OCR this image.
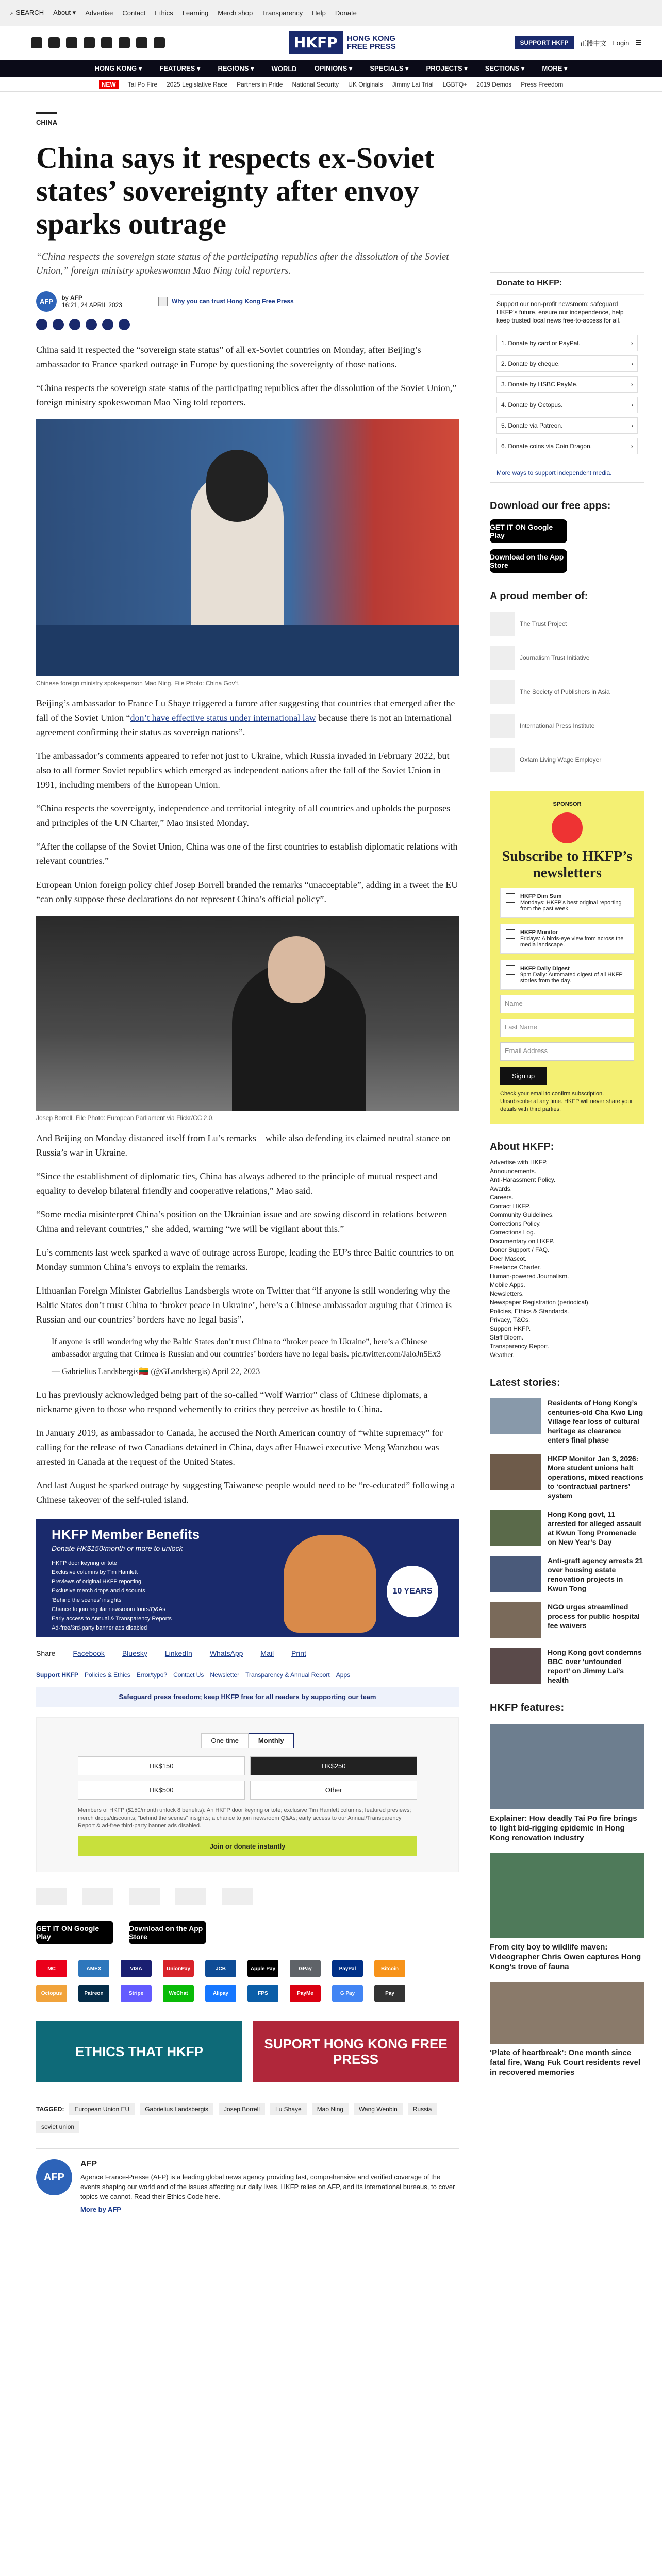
⌕ SEARCH About ▾ Advertise Contact Ethics Learning Merch shop Transparency Help Donate
HKFP	HONG KONG
FREE PRESS	SUPPORT HKFP	正體中文 Login ☰
HONG KONG ▾	FEATURES ▾	REGIONS ▾	WORLD	OPINIONS ▾	SPECIALS ▾	PROJECTS ▾	SECTIONS ▾	MORE ▾
NEW	Tai Po Fire 2025 Legislative Race Partners in Pride National Security UK Originals Jimmy Lai Trial LGBTQ+ 2019 Demos Press Freedom
CHINA
China says it respects ex-Soviet states’ sovereignty after envoy sparks outrage
“China respects the sovereign state status of the participating republics after the dissolution of the Soviet Union,” foreign ministry spokeswoman Mao Ning told reporters.
AFP	by AFP
16:21, 24 APRIL 2023	Why you can trust Hong Kong Free Press

China said it respected the “sovereign state status” of all ex-Soviet countries on Monday, after Beijing’s ambassador to France sparked outrage in Europe by questioning the sovereignty of those nations.

“China respects the sovereign state status of the participating republics after the dissolution of the Soviet Union,” foreign ministry spokeswoman Mao Ning told reporters.

Chinese foreign ministry spokesperson Mao Ning. File Photo: China Gov’t.

Beijing’s ambassador to France Lu Shaye triggered a furore after suggesting that countries that emerged after the fall of the Soviet Union “don’t have effective status under international law because there is not an international agreement confirming their status as sovereign nations”.

The ambassador’s comments appeared to refer not just to Ukraine, which Russia invaded in February 2022, but also to all former Soviet republics which emerged as independent nations after the fall of the Soviet Union in 1991, including members of the European Union.

“China respects the sovereignty, independence and territorial integrity of all countries and upholds the purposes and principles of the UN Charter,” Mao insisted Monday.

“After the collapse of the Soviet Union, China was one of the first countries to establish diplomatic relations with relevant countries.”

European Union foreign policy chief Josep Borrell branded the remarks “unacceptable”, adding in a tweet the EU “can only suppose these declarations do not represent China’s official policy”.

Josep Borrell. File Photo: European Parliament via Flickr/CC 2.0.

And Beijing on Monday distanced itself from Lu’s remarks – while also defending its claimed neutral stance on Russia’s war in Ukraine.

“Since the establishment of diplomatic ties, China has always adhered to the principle of mutual respect and equality to develop bilateral friendly and cooperative relations,” Mao said.

“Some media misinterpret China’s position on the Ukrainian issue and are sowing discord in relations between China and relevant countries,” she added, warning “we will be vigilant about this.”

Lu’s comments last week sparked a wave of outrage across Europe, leading the EU’s three Baltic countries to on Monday summon China’s envoys to explain the remarks.

Lithuanian Foreign Minister Gabrielius Landsbergis wrote on Twitter that “if anyone is still wondering why the Baltic States don’t trust China to ‘broker peace in Ukraine’, here’s a Chinese ambassador arguing that Crimea is Russian and our countries’ borders have no legal basis”.

If anyone is still wondering why the Baltic States don’t trust China to “broker peace in Ukraine”, here’s a Chinese ambassador arguing that Crimea is Russian and our countries’ borders have no legal basis. pic.twitter.com/JaloJn5Ex3
— Gabrielius Landsbergis🇱🇹 (@GLandsbergis) April 22, 2023

Lu has previously acknowledged being part of the so-called “Wolf Warrior” class of Chinese diplomats, a nickname given to those who respond vehemently to critics they perceive as hostile to China.

In January 2019, as ambassador to Canada, he accused the North American country of “white supremacy” for calling for the release of two Canadians detained in China, days after Huawei executive Meng Wanzhou was arrested in Canada at the request of the United States.

And last August he sparked outrage by suggesting Taiwanese people would need to be “re-educated” following a Chinese takeover of the self-ruled island.

HKFP Member Benefits
Donate HK$150/month or more to unlock
HKFP door keyring or tote
Exclusive columns by Tim Hamlett
Previews of original HKFP reporting
Exclusive merch drops and discounts
‘Behind the scenes’ insights
Chance to join regular newsroom tours/Q&As
Early access to Annual & Transparency Reports
Ad-free/3rd-party banner ads disabled
10 YEARS
Share Facebook Bluesky LinkedIn WhatsApp Mail Print
Support HKFP Policies & Ethics Error/typo? Contact Us Newsletter Transparency & Annual Report Apps
Safeguard press freedom; keep HKFP free for all readers by supporting our team
One-time	Monthly
HK$150	HK$250
HK$500	Other
Members of HKFP ($150/month unlock 8 benefits): An HKFP door keyring or tote; exclusive Tim Hamlett columns; featured previews; merch drops/discounts; “behind the scenes” insights; a chance to join newsroom Q&As; early access to our Annual/Transparency Report & ad-free third-party banner ads disabled.
Join or donate instantly
GET IT ON Google Play
Download on the App Store
MC	AMEX	VISA	UnionPay	JCB	Apple Pay	GPay	PayPal	Bitcoin
Octopus	Patreon	Stripe	WeChat	Alipay	FPS	PayMe	G Pay	Pay
ETHICS THAT HKFP	SUPORT HONG KONG FREE PRESS
TAGGED:	European Union EU	Gabrielius Landsbergis	Josep Borrell	Lu Shaye	Mao Ning	Wang Wenbin	Russia
soviet union
AFP
AFP
Agence France-Presse (AFP) is a leading global news agency providing fast, comprehensive and verified coverage of the events shaping our world and of the issues affecting our daily lives. HKFP relies on AFP, and its international bureaus, to cover topics we cannot. Read their Ethics Code here.
More by AFP
Donate to HKFP:
Support our non-profit newsroom: safeguard HKFP’s future, ensure our independence, help keep trusted local news free-to-access for all.
1. Donate by card or PayPal.	›
2. Donate by cheque.	›
3. Donate by HSBC PayMe.	›
4. Donate by Octopus.	›
5. Donate via Patreon.	›
6. Donate coins via Coin Dragon.	›
More ways to support independent media.
Download our free apps:
GET IT ON Google Play
Download on the App Store
A proud member of:
The Trust Project
Journalism Trust Initiative
The Society of Publishers in Asia
International Press Institute
Oxfam Living Wage Employer
SPONSOR
Subscribe to HKFP’s newsletters
HKFP Dim Sum
Mondays: HKFP’s best original reporting from the past week.
HKFP Monitor
Fridays: A birds-eye view from across the media landscape.
HKFP Daily Digest
9pm Daily: Automated digest of all HKFP stories from the day.
Name
Last Name
Email Address
Sign up
Check your email to confirm subscription. Unsubscribe at any time. HKFP will never share your details with third parties.
About HKFP:
Advertise with HKFP.
Announcements.
Anti-Harassment Policy.
Awards.
Careers.
Contact HKFP.
Community Guidelines.
Corrections Policy.
Corrections Log.
Documentary on HKFP.
Donor Support / FAQ.
Doer Mascot.
Freelance Charter.
Human-powered Journalism.
Mobile Apps.
Newsletters.
Newspaper Registration (periodical).
Policies, Ethics & Standards.
Privacy, T&Cs.
Support HKFP.
Staff Bloom.
Transparency Report.
Weather.
Latest stories:
Residents of Hong Kong’s centuries-old Cha Kwo Ling Village fear loss of cultural heritage as clearance enters final phase
HKFP Monitor Jan 3, 2026: More student unions halt operations, mixed reactions to ‘contractual partners’ system
Hong Kong govt, 11 arrested for alleged assault at Kwun Tong Promenade on New Year’s Day
Anti-graft agency arrests 21 over housing estate renovation projects in Kwun Tong
NGO urges streamlined process for public hospital fee waivers
Hong Kong govt condemns BBC over ‘unfounded report’ on Jimmy Lai’s health
HKFP features:
Explainer: How deadly Tai Po fire brings to light bid-rigging epidemic in Hong Kong renovation industry
From city boy to wildlife maven: Videographer Chris Owen captures Hong Kong’s trove of fauna
‘Plate of heartbreak’: One month since fatal fire, Wang Fuk Court residents revel in recovered memories
